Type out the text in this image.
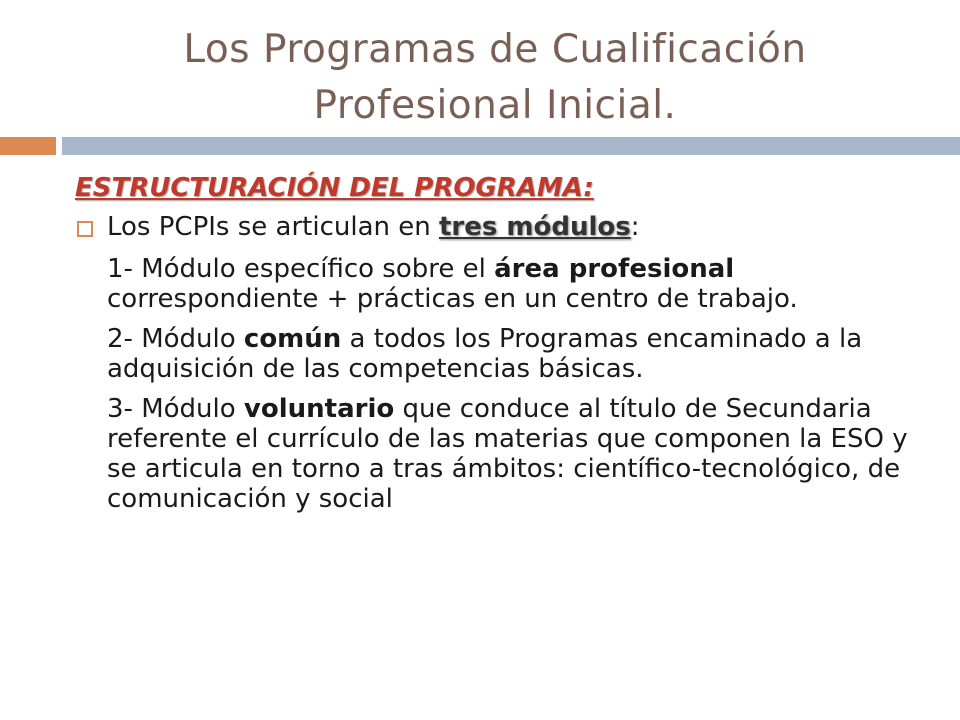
Los Programas de Cualificación
Profesional Inicial.
ESTRUCTURACIÓN DEL PROGRAMA:
Los PCPIs se articulan en tres módulos:
1- Módulo específico sobre el área profesional correspondiente + prácticas en un centro de trabajo.
2- Módulo común a todos los Programas encaminado a la adquisición de las competencias básicas.
3- Módulo voluntario que conduce al título de Secundaria referente el currículo de las materias que componen la ESO y se articula en torno a tras ámbitos: científico-tecnológico, de comunicación y social
